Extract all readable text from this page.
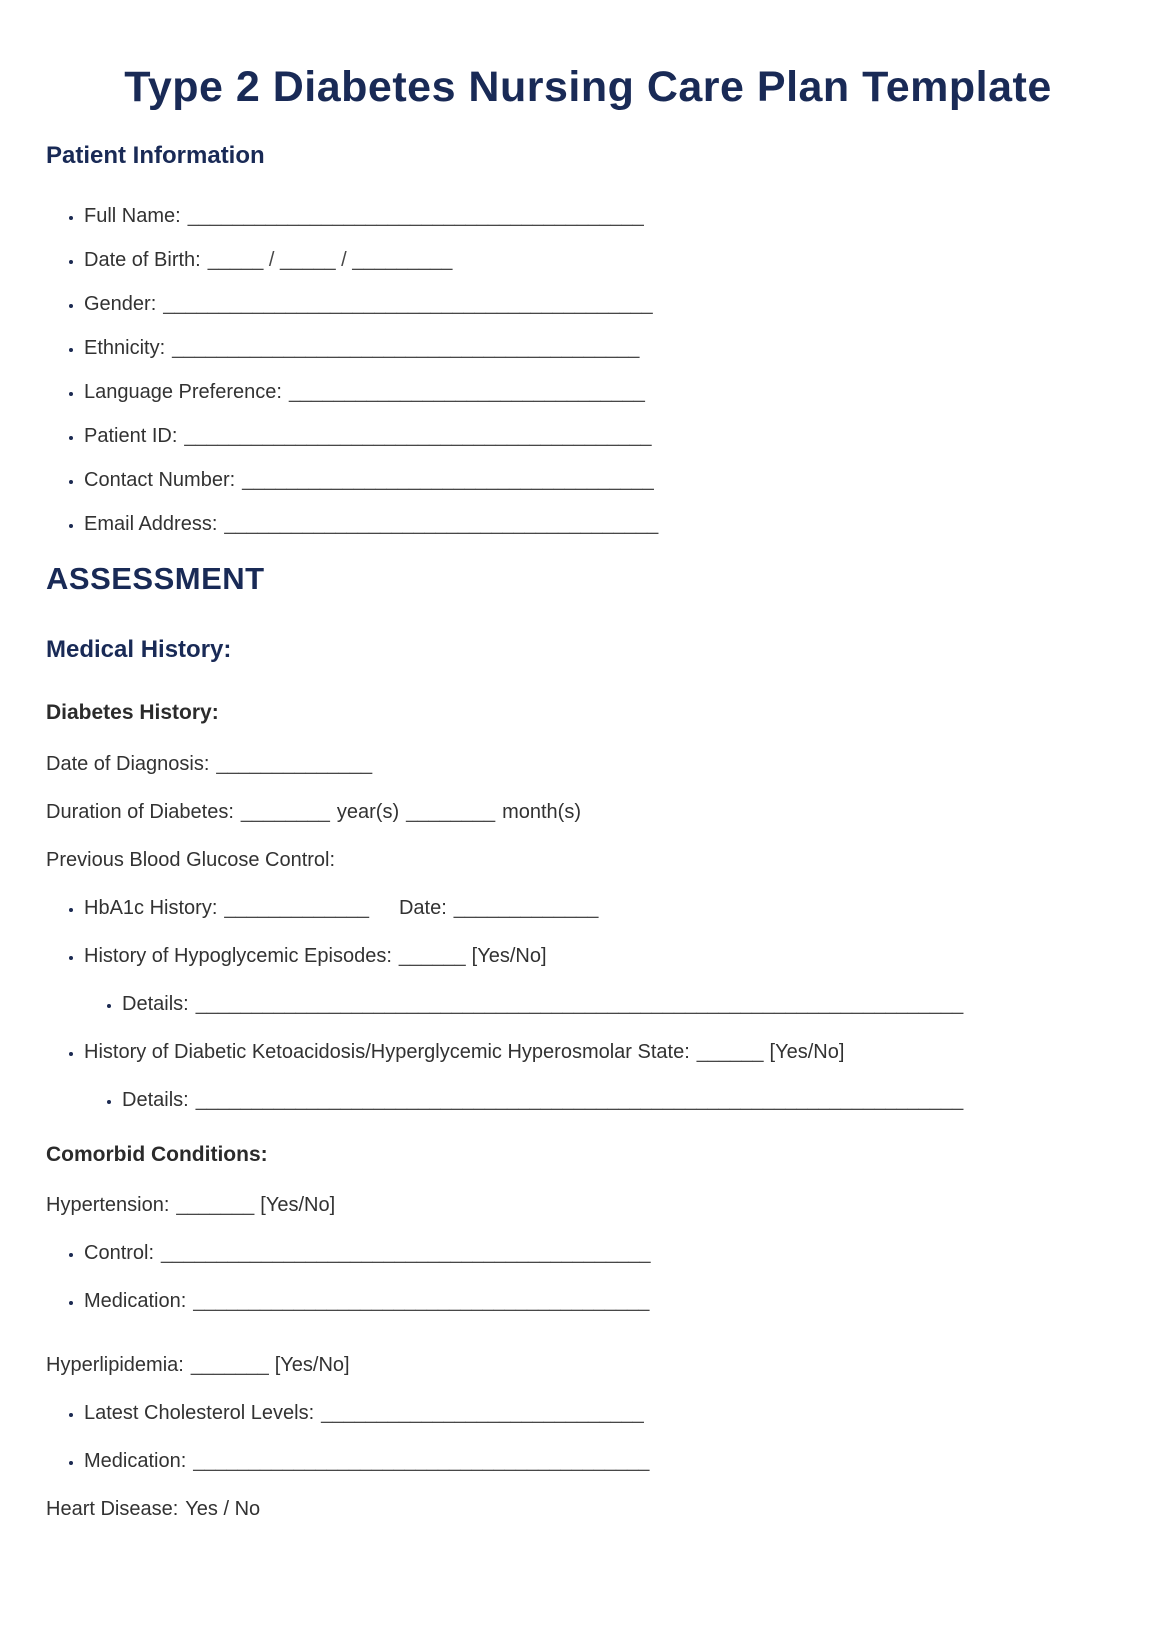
Type 2 Diabetes Nursing Care Plan Template
Patient Information
• Full Name: _________________________________________
• Date of Birth: _____ / _____ / _________
• Gender: ____________________________________________
• Ethnicity: __________________________________________
• Language Preference: ________________________________
• Patient ID: __________________________________________
• Contact Number: _____________________________________
• Email Address: _______________________________________
ASSESSMENT
Medical History:
Diabetes History:

Date of Diagnosis: ______________

Duration of Diabetes: ________ year(s) ________ month(s)

Previous Blood Glucose Control:

• HbA1c History: _____________ Date: _____________
• History of Hypoglycemic Episodes: ______ [Yes/No]
• Details: _____________________________________________________________________
• History of Diabetic Ketoacidosis/Hyperglycemic Hyperosmolar State: ______ [Yes/No]
• Details: _____________________________________________________________________
Comorbid Conditions:

Hypertension: _______ [Yes/No]

• Control: ____________________________________________
• Medication: _________________________________________

Hyperlipidemia: _______ [Yes/No]

• Latest Cholesterol Levels: _____________________________
• Medication: _________________________________________

Heart Disease: Yes / No
